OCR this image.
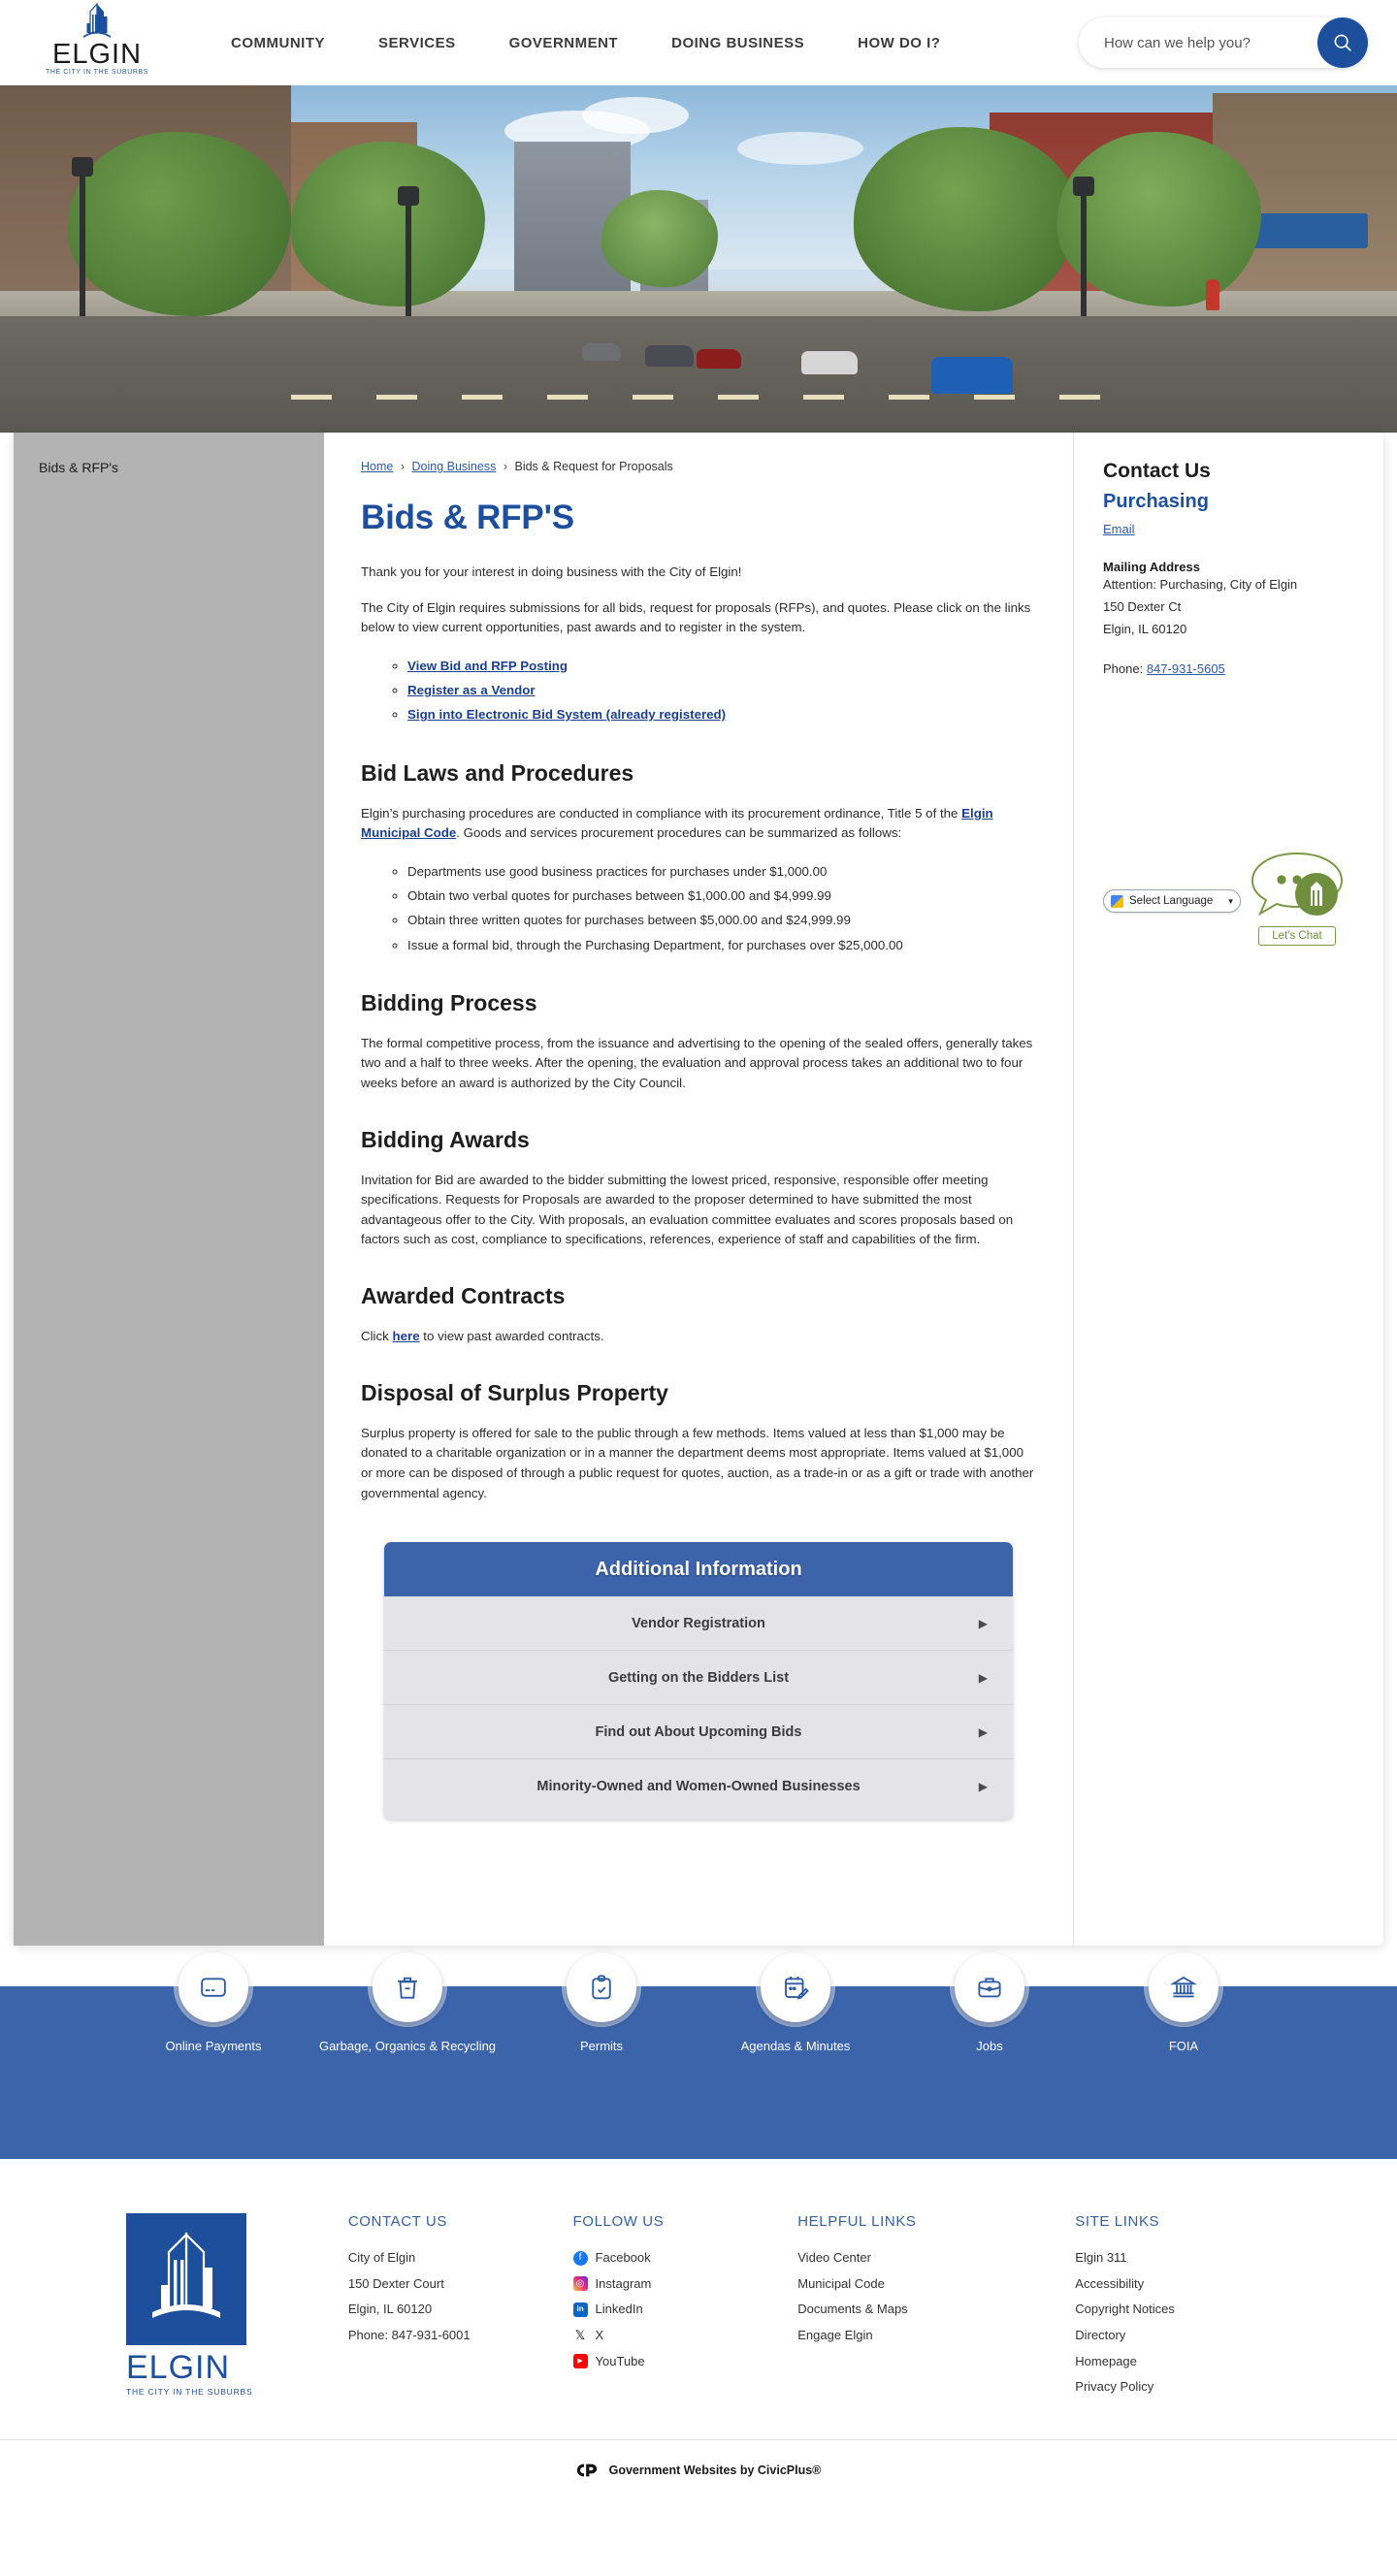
ELGIN
THE CITY IN THE SUBURBS
COMMUNITY	SERVICES	GOVERNMENT	DOING BUSINESS	HOW DO I?
How can we help you?
Bids & RFP's	Home › Doing Business › Bids & Request for Proposals
Bids & RFP'S

Thank you for your interest in doing business with the City of Elgin!

The City of Elgin requires submissions for all bids, request for proposals (RFPs), and quotes. Please click on the links below to view current opportunities, past awards and to register in the system.

◦ View Bid and RFP Posting
◦ Register as a Vendor
◦ Sign into Electronic Bid System (already registered)
Bid Laws and Procedures

Elgin’s purchasing procedures are conducted in compliance with its procurement ordinance, Title 5 of the Elgin Municipal Code. Goods and services procurement procedures can be summarized as follows:

◦ Departments use good business practices for purchases under $1,000.00
◦ Obtain two verbal quotes for purchases between $1,000.00 and $4,999.99
◦ Obtain three written quotes for purchases between $5,000.00 and $24,999.99
◦ Issue a formal bid, through the Purchasing Department, for purchases over $25,000.00
Bidding Process

The formal competitive process, from the issuance and advertising to the opening of the sealed offers, generally takes two and a half to three weeks. After the opening, the evaluation and approval process takes an additional two to four weeks before an award is authorized by the City Council.

Bidding Awards

Invitation for Bid are awarded to the bidder submitting the lowest priced, responsive, responsible offer meeting specifications. Requests for Proposals are awarded to the proposer determined to have submitted the most advantageous offer to the City. With proposals, an evaluation committee evaluates and scores proposals based on factors such as cost, compliance to specifications, references, experience of staff and capabilities of the firm.

Awarded Contracts

Click here to view past awarded contracts.

Disposal of Surplus Property

Surplus property is offered for sale to the public through a few methods. Items valued at less than $1,000 may be donated to a charitable organization or in a manner the department deems most appropriate. Items valued at $1,000 or more can be disposed of through a public request for quotes, auction, as a trade-in or as a gift or trade with another governmental agency.

Additional Information
Vendor Registration	▶
Getting on the Bidders List	▶
Find out About Upcoming Bids	▶
Minority-Owned and Women-Owned Businesses	▶
Contact Us
Purchasing
Email
Mailing Address
Attention: Purchasing, City of Elgin
150 Dexter Ct
Elgin, IL 60120
Phone: 847-931-5605
Select Language ▾
Let's Chat
Online Payments	Garbage, Organics & Recycling	Permits	Agendas & Minutes	Jobs	FOIA
ELGIN
THE CITY IN THE SUBURBS
CONTACT US
City of Elgin
150 Dexter Court
Elgin, IL 60120
Phone: 847-931-6001
FOLLOW US
f	Facebook
◎ Instagram
in LinkedIn
𝕏 X
▶ YouTube
HELPFUL LINKS
Video Center
Municipal Code
Documents & Maps
Engage Elgin
SITE LINKS
Elgin 311
Accessibility
Copyright Notices
Directory
Homepage
Privacy Policy
Government Websites by CivicPlus®
